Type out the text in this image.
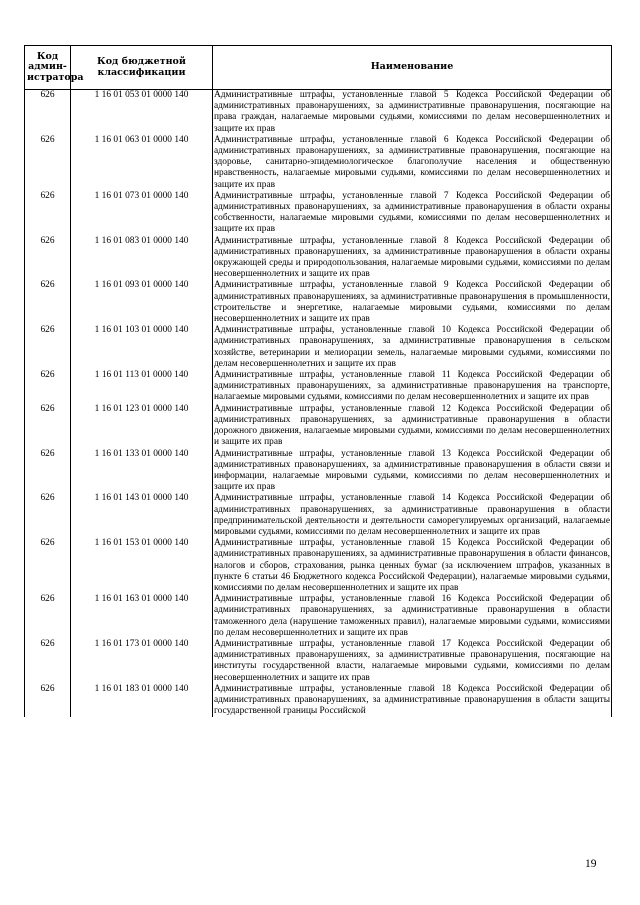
Код админ-истратора	Код бюджетной классификации	Наименование
626	1 16 01 053 01 0000 140	Административные штрафы, установленные главой 5 Кодекса Российской Федерации об административных правонарушениях, за административные правонарушения, посягающие на права граждан, налагаемые мировыми судьями, комиссиями по делам несовершеннолетних и защите их прав
626	1 16 01 063 01 0000 140	Административные штрафы, установленные главой 6 Кодекса Российской Федерации об административных правонарушениях, за административные правонарушения, посягающие на здоровье, санитарно-эпидемиологическое благополучие населения и общественную нравственность, налагаемые мировыми судьями, комиссиями по делам несовершеннолетних и защите их прав
626	1 16 01 073 01 0000 140	Административные штрафы, установленные главой 7 Кодекса Российской Федерации об административных правонарушениях, за административные правонарушения в области охраны собственности, налагаемые мировыми судьями, комиссиями по делам несовершеннолетних и защите их прав
626	1 16 01 083 01 0000 140	Административные штрафы, установленные главой 8 Кодекса Российской Федерации об административных правонарушениях, за административные правонарушения в области охраны окружающей среды и природопользования, налагаемые мировыми судьями, комиссиями по делам несовершеннолетних и защите их прав
626	1 16 01 093 01 0000 140	Административные штрафы, установленные главой 9 Кодекса Российской Федерации об административных правонарушениях, за административные правонарушения в промышленности, строительстве и энергетике, налагаемые мировыми судьями, комиссиями по делам несовершеннолетних и защите их прав
626	1 16 01 103 01 0000 140	Административные штрафы, установленные главой 10 Кодекса Российской Федерации об административных правонарушениях, за административные правонарушения в сельском хозяйстве, ветеринарии и мелиорации земель, налагаемые мировыми судьями, комиссиями по делам несовершеннолетних и защите их прав
626	1 16 01 113 01 0000 140	Административные штрафы, установленные главой 11 Кодекса Российской Федерации об административных правонарушениях, за административные правонарушения на транспорте, налагаемые мировыми судьями, комиссиями по делам несовершеннолетних и защите их прав
626	1 16 01 123 01 0000 140	Административные штрафы, установленные главой 12 Кодекса Российской Федерации об административных правонарушениях, за административные правонарушения в области дорожного движения, налагаемые мировыми судьями, комиссиями по делам несовершеннолетних и защите их прав
626	1 16 01 133 01 0000 140	Административные штрафы, установленные главой 13 Кодекса Российской Федерации об административных правонарушениях, за административные правонарушения в области связи и информации, налагаемые мировыми судьями, комиссиями по делам несовершеннолетних и защите их прав
626	1 16 01 143 01 0000 140	Административные штрафы, установленные главой 14 Кодекса Российской Федерации об административных правонарушениях, за административные правонарушения в области предпринимательской деятельности и деятельности саморегулируемых организаций, налагаемые мировыми судьями, комиссиями по делам несовершеннолетних и защите их прав
626	1 16 01 153 01 0000 140	Административные штрафы, установленные главой 15 Кодекса Российской Федерации об административных правонарушениях, за административные правонарушения в области финансов, налогов и сборов, страхования, рынка ценных бумаг (за исключением штрафов, указанных в пункте 6 статьи 46 Бюджетного кодекса Российской Федерации), налагаемые мировыми судьями, комиссиями по делам несовершеннолетних и защите их прав
626	1 16 01 163 01 0000 140	Административные штрафы, установленные главой 16 Кодекса Российской Федерации об административных правонарушениях, за административные правонарушения в области таможенного дела (нарушение таможенных правил), налагаемые мировыми судьями, комиссиями по делам несовершеннолетних и защите их прав
626	1 16 01 173 01 0000 140	Административные штрафы, установленные главой 17 Кодекса Российской Федерации об административных правонарушениях, за административные правонарушения, посягающие на институты государственной власти, налагаемые мировыми судьями, комиссиями по делам несовершеннолетних и защите их прав
626	1 16 01 183 01 0000 140	Административные штрафы, установленные главой 18 Кодекса Российской Федерации об административных правонарушениях, за административные правонарушения в области защиты государственной границы Российской
19
